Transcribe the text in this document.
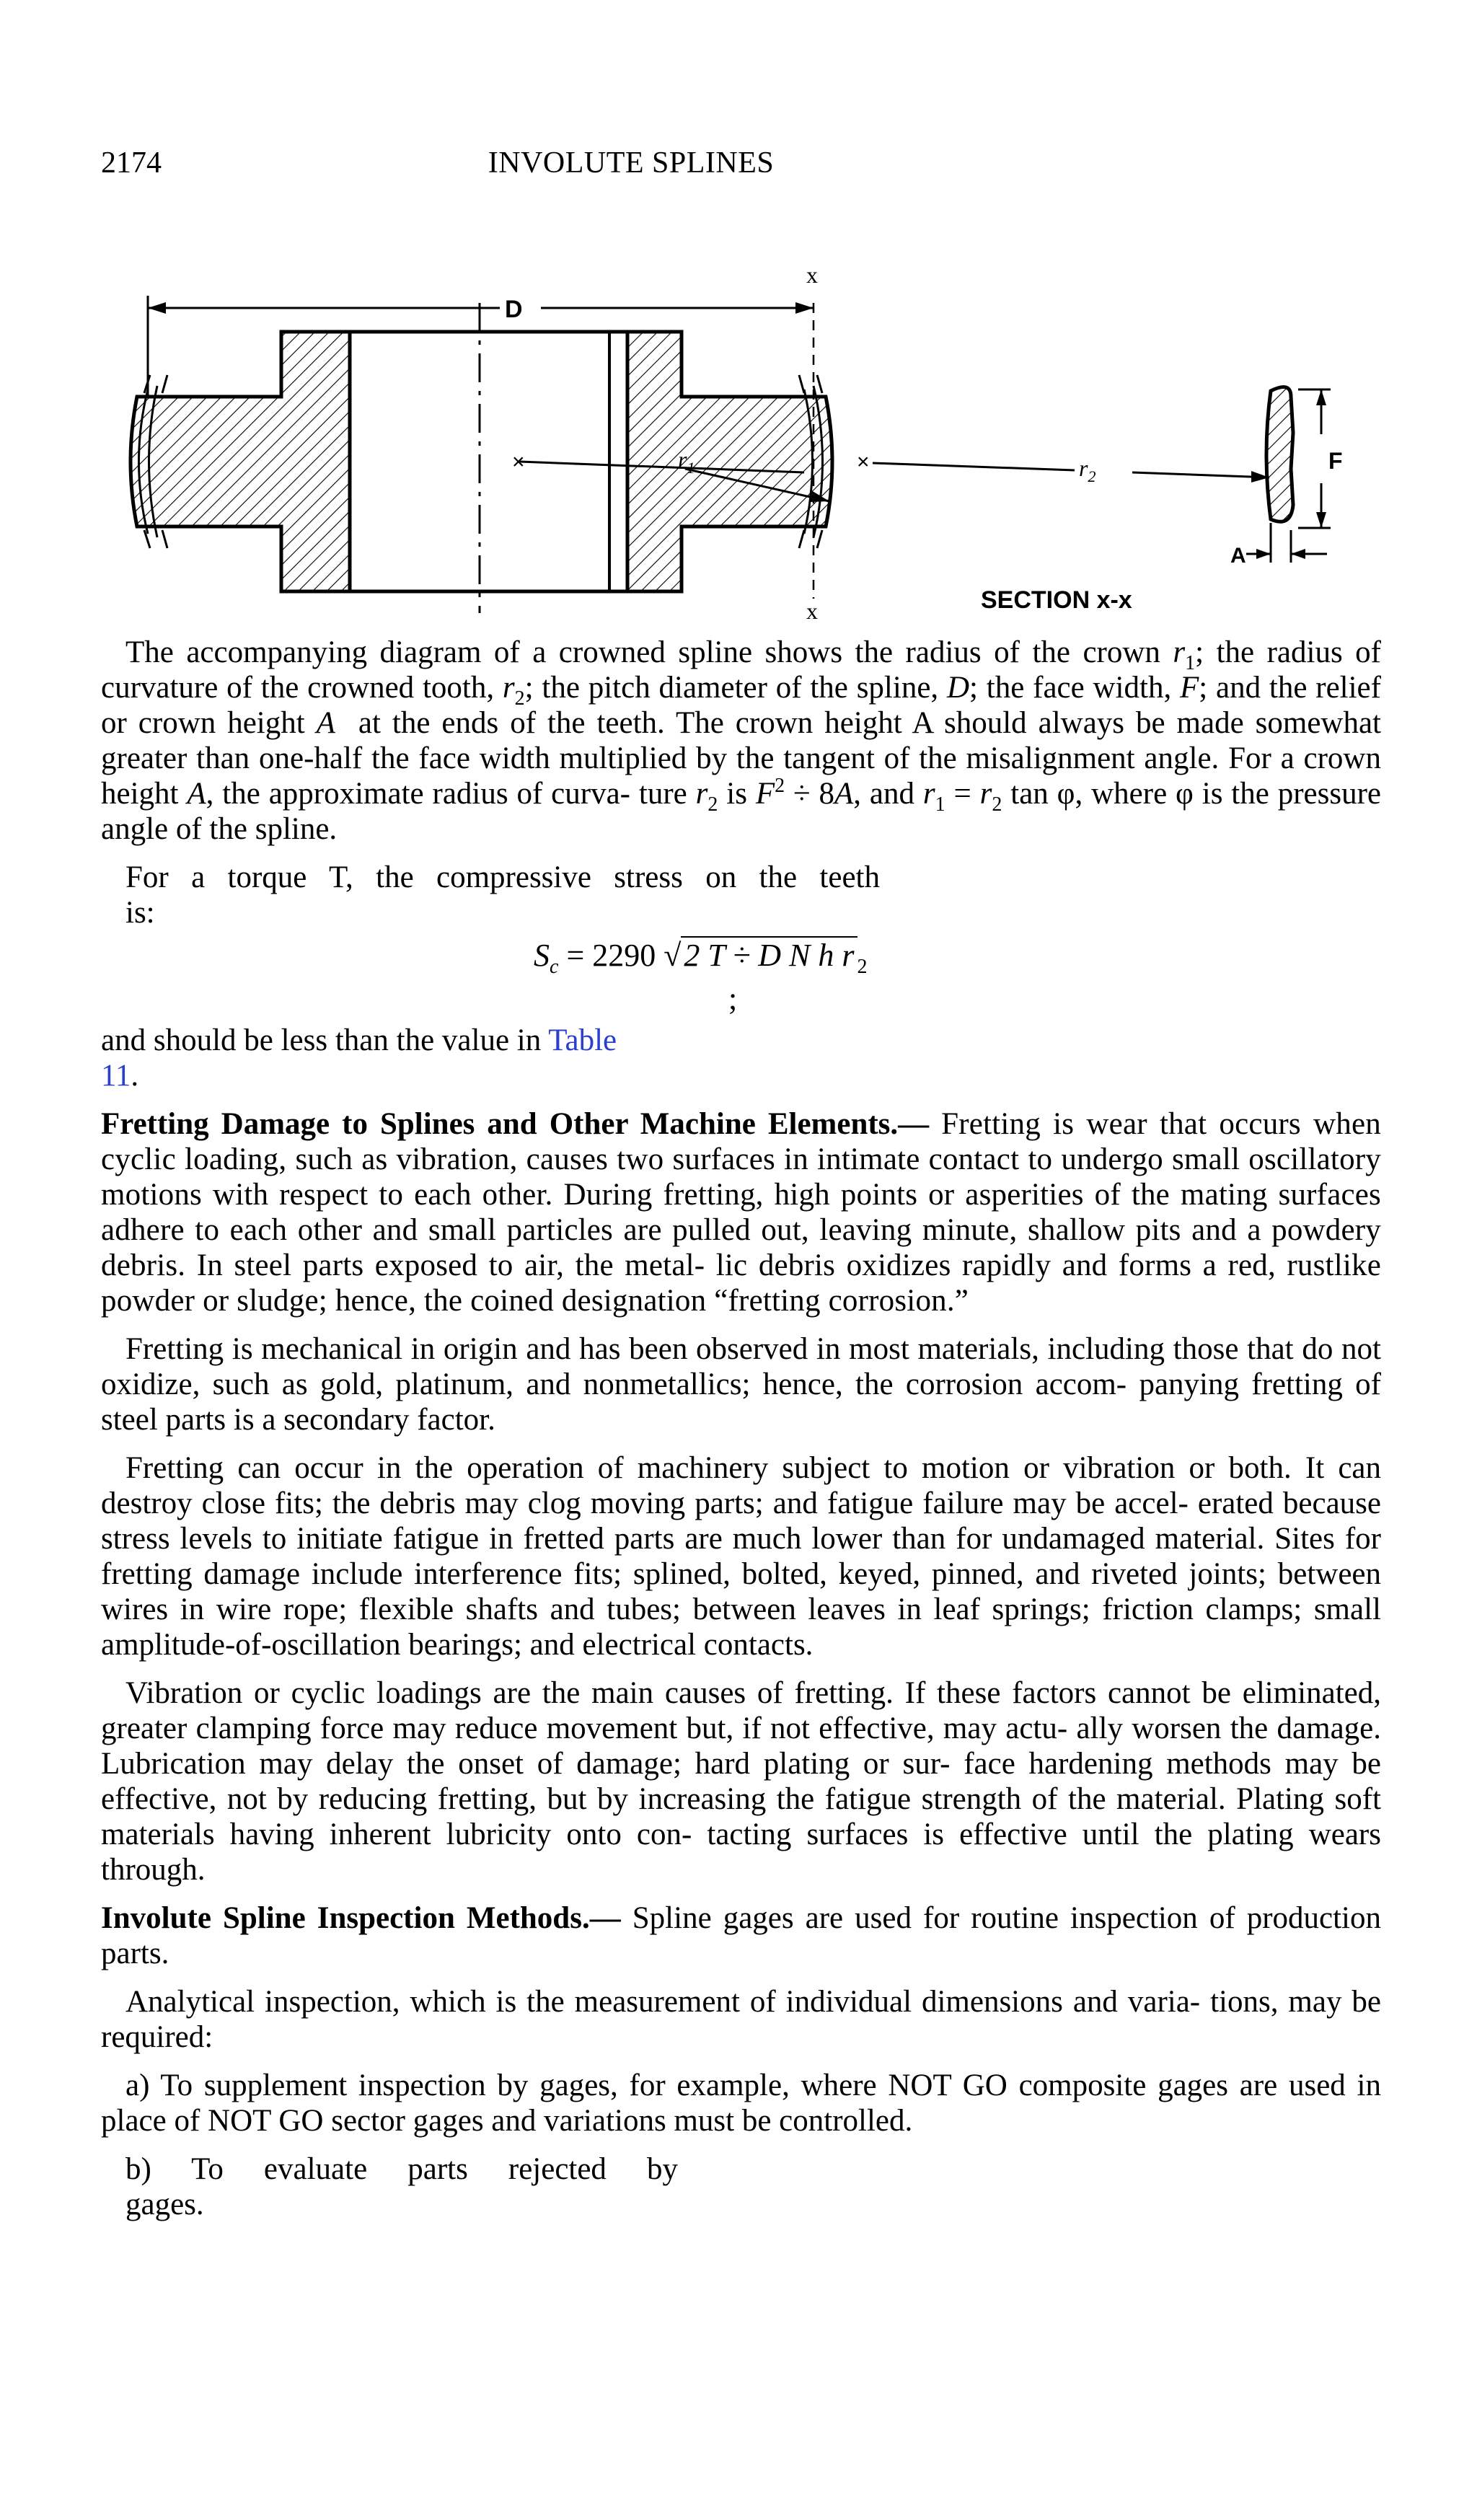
2174	INVOLUTE SPLINES
x
x
D
×	$r_1$	×	$r_2$
F
A
SECTION x-x

The accompanying diagram of a crowned spline shows the radius of the crown $r_1$; the radius of curvature of the crowned tooth, $r_2$; the pitch diameter of the spline, D; the face width, F; and the relief or crown height A  at the ends of the teeth. The crown height A should always be made somewhat greater than one-half the face width multiplied by the tangent of the misalignment angle. For a crown height A, the approximate radius of curva- ture $r_2$ is $F^2 \div 8A$, and $r_1 = r_2$ tan φ, where φ is the pressure angle of the spline.

For a torque T, the compressive stress on the teeth

is:

$S_c = 2290$ √2 T ÷ D N h r $_2$
;

and should be less than the value in Table

11.

Fretting Damage to Splines and Other Machine Elements.— Fretting is wear that occurs when cyclic loading, such as vibration, causes two surfaces in intimate contact to undergo small oscillatory motions with respect to each other. During fretting, high points or asperities of the mating surfaces adhere to each other and small particles are pulled out, leaving minute, shallow pits and a powdery debris. In steel parts exposed to air, the metal- lic debris oxidizes rapidly and forms a red, rustlike powder or sludge; hence, the coined designation “fretting corrosion.”

Fretting is mechanical in origin and has been observed in most materials, including those that do not oxidize, such as gold, platinum, and nonmetallics; hence, the corrosion accom- panying fretting of steel parts is a secondary factor.

Fretting can occur in the operation of machinery subject to motion or vibration or both. It can destroy close fits; the debris may clog moving parts; and fatigue failure may be accel- erated because stress levels to initiate fatigue in fretted parts are much lower than for undamaged material. Sites for fretting damage include interference fits; splined, bolted, keyed, pinned, and riveted joints; between wires in wire rope; flexible shafts and tubes; between leaves in leaf springs; friction clamps; small amplitude-of-oscillation bearings; and electrical contacts.

Vibration or cyclic loadings are the main causes of fretting. If these factors cannot be eliminated, greater clamping force may reduce movement but, if not effective, may actu- ally worsen the damage. Lubrication may delay the onset of damage; hard plating or sur- face hardening methods may be effective, not by reducing fretting, but by increasing the fatigue strength of the material. Plating soft materials having inherent lubricity onto con- tacting surfaces is effective until the plating wears through.

Involute Spline Inspection Methods.— Spline gages are used for routine inspection of production parts.

Analytical inspection, which is the measurement of individual dimensions and varia- tions, may be required:

a) To supplement inspection by gages, for example, where NOT GO composite gages are used in place of NOT GO sector gages and variations must be controlled.

b) To evaluate parts rejected by

gages.
